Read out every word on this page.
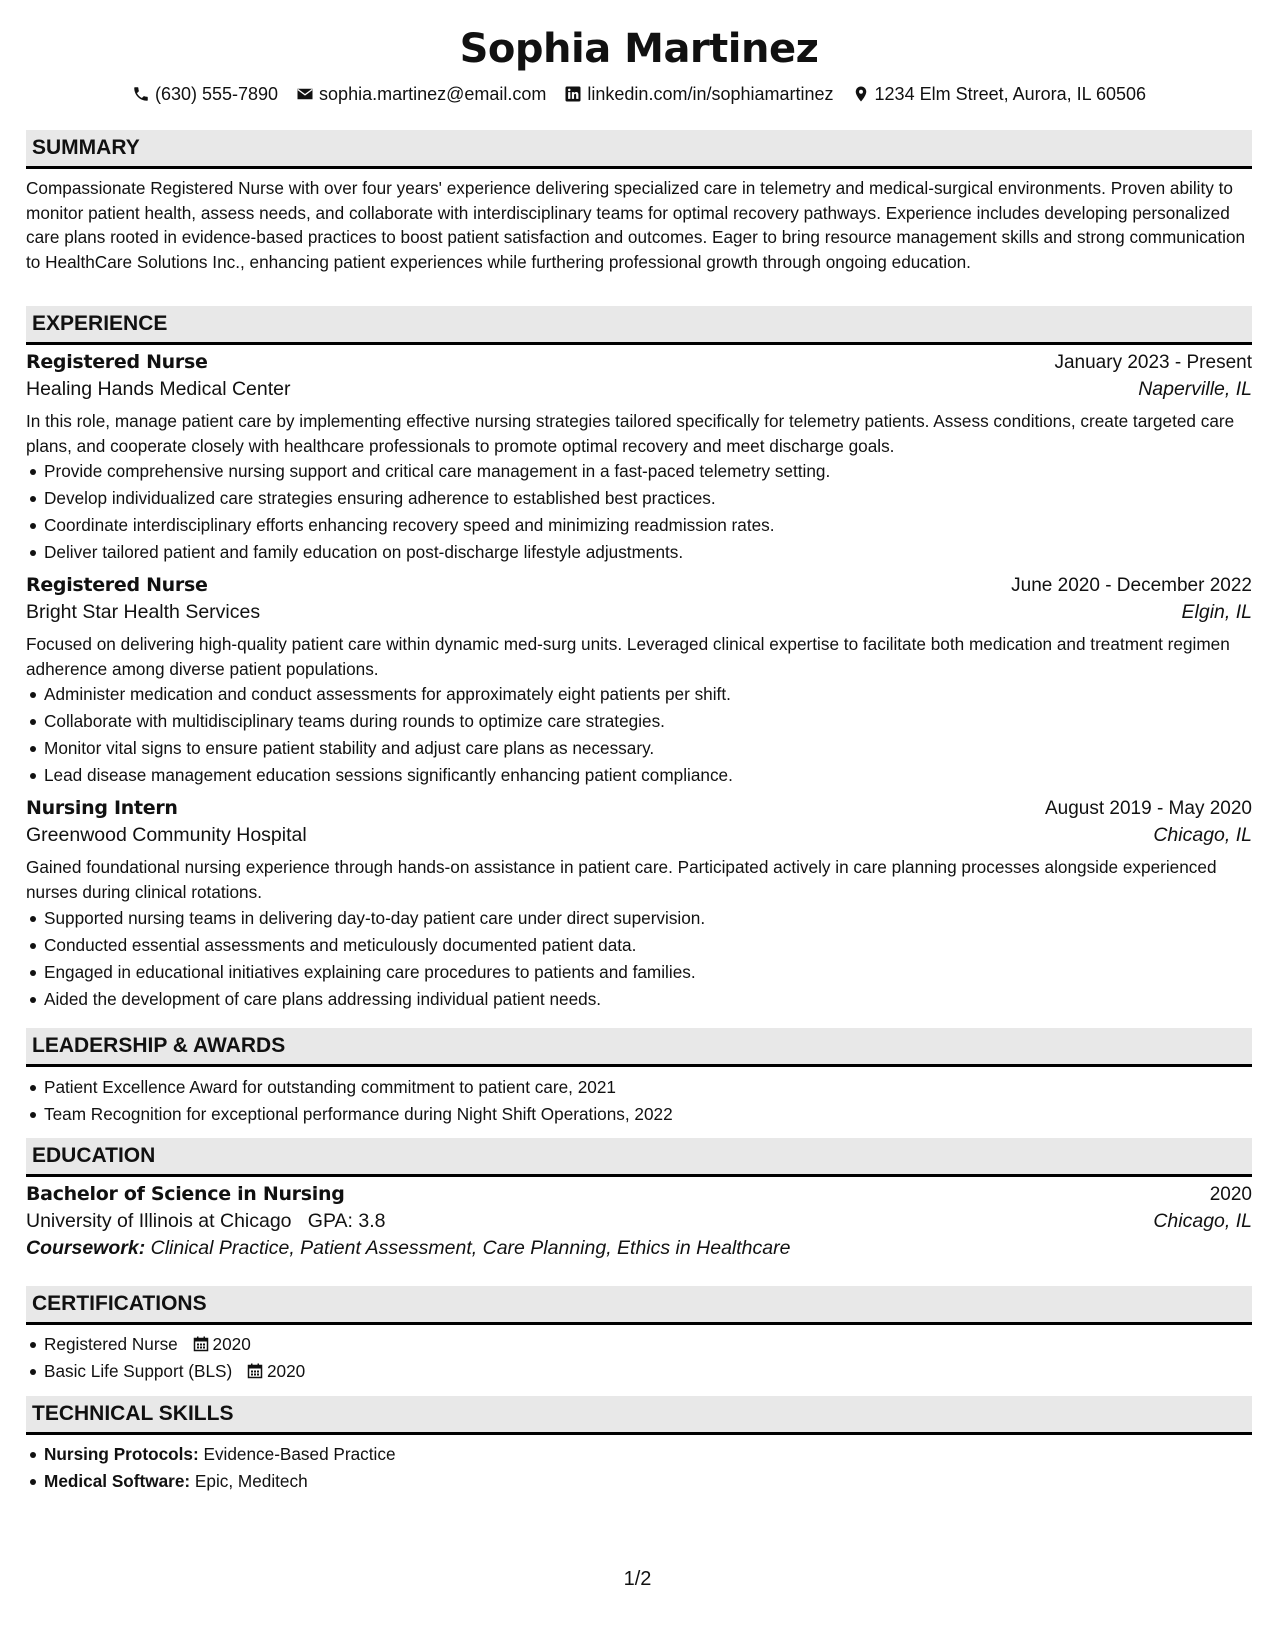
Sophia Martinez
(630) 555-7890 sophia.martinez@email.com linkedin.com/in/sophiamartinez 1234 Elm Street, Aurora, IL 60506
SUMMARY

Compassionate Registered Nurse with over four years' experience delivering specialized care in telemetry and medical-surgical environments. Proven ability to monitor patient health, assess needs, and collaborate with interdisciplinary teams for optimal recovery pathways. Experience includes developing personalized care plans rooted in evidence-based practices to boost patient satisfaction and outcomes. Eager to bring resource management skills and strong communication to HealthCare Solutions Inc., enhancing patient experiences while furthering professional growth through ongoing education.

EXPERIENCE
Registered Nurse	January 2023 - Present
Healing Hands Medical Center	Naperville, IL

In this role, manage patient care by implementing effective nursing strategies tailored specifically for telemetry patients. Assess conditions, create targeted care plans, and cooperate closely with healthcare professionals to promote optimal recovery and meet discharge goals.

Provide comprehensive nursing support and critical care management in a fast-paced telemetry setting.
Develop individualized care strategies ensuring adherence to established best practices.
Coordinate interdisciplinary efforts enhancing recovery speed and minimizing readmission rates.
Deliver tailored patient and family education on post-discharge lifestyle adjustments.
Registered Nurse	June 2020 - December 2022
Bright Star Health Services	Elgin, IL

Focused on delivering high-quality patient care within dynamic med-surg units. Leveraged clinical expertise to facilitate both medication and treatment regimen adherence among diverse patient populations.

Administer medication and conduct assessments for approximately eight patients per shift.
Collaborate with multidisciplinary teams during rounds to optimize care strategies.
Monitor vital signs to ensure patient stability and adjust care plans as necessary.
Lead disease management education sessions significantly enhancing patient compliance.
Nursing Intern	August 2019 - May 2020
Greenwood Community Hospital	Chicago, IL

Gained foundational nursing experience through hands-on assistance in patient care. Participated actively in care planning processes alongside experienced nurses during clinical rotations.

Supported nursing teams in delivering day-to-day patient care under direct supervision.
Conducted essential assessments and meticulously documented patient data.
Engaged in educational initiatives explaining care procedures to patients and families.
Aided the development of care plans addressing individual patient needs.
LEADERSHIP & AWARDS
Patient Excellence Award for outstanding commitment to patient care, 2021
Team Recognition for exceptional performance during Night Shift Operations, 2022
EDUCATION
Bachelor of Science in Nursing	2020
University of Illinois at Chicago GPA: 3.8	Chicago, IL
Coursework: Clinical Practice, Patient Assessment, Care Planning, Ethics in Healthcare
CERTIFICATIONS
Registered Nurse 2020
Basic Life Support (BLS) 2020
TECHNICAL SKILLS
Nursing Protocols: Evidence-Based Practice
Medical Software: Epic, Meditech
1/2
